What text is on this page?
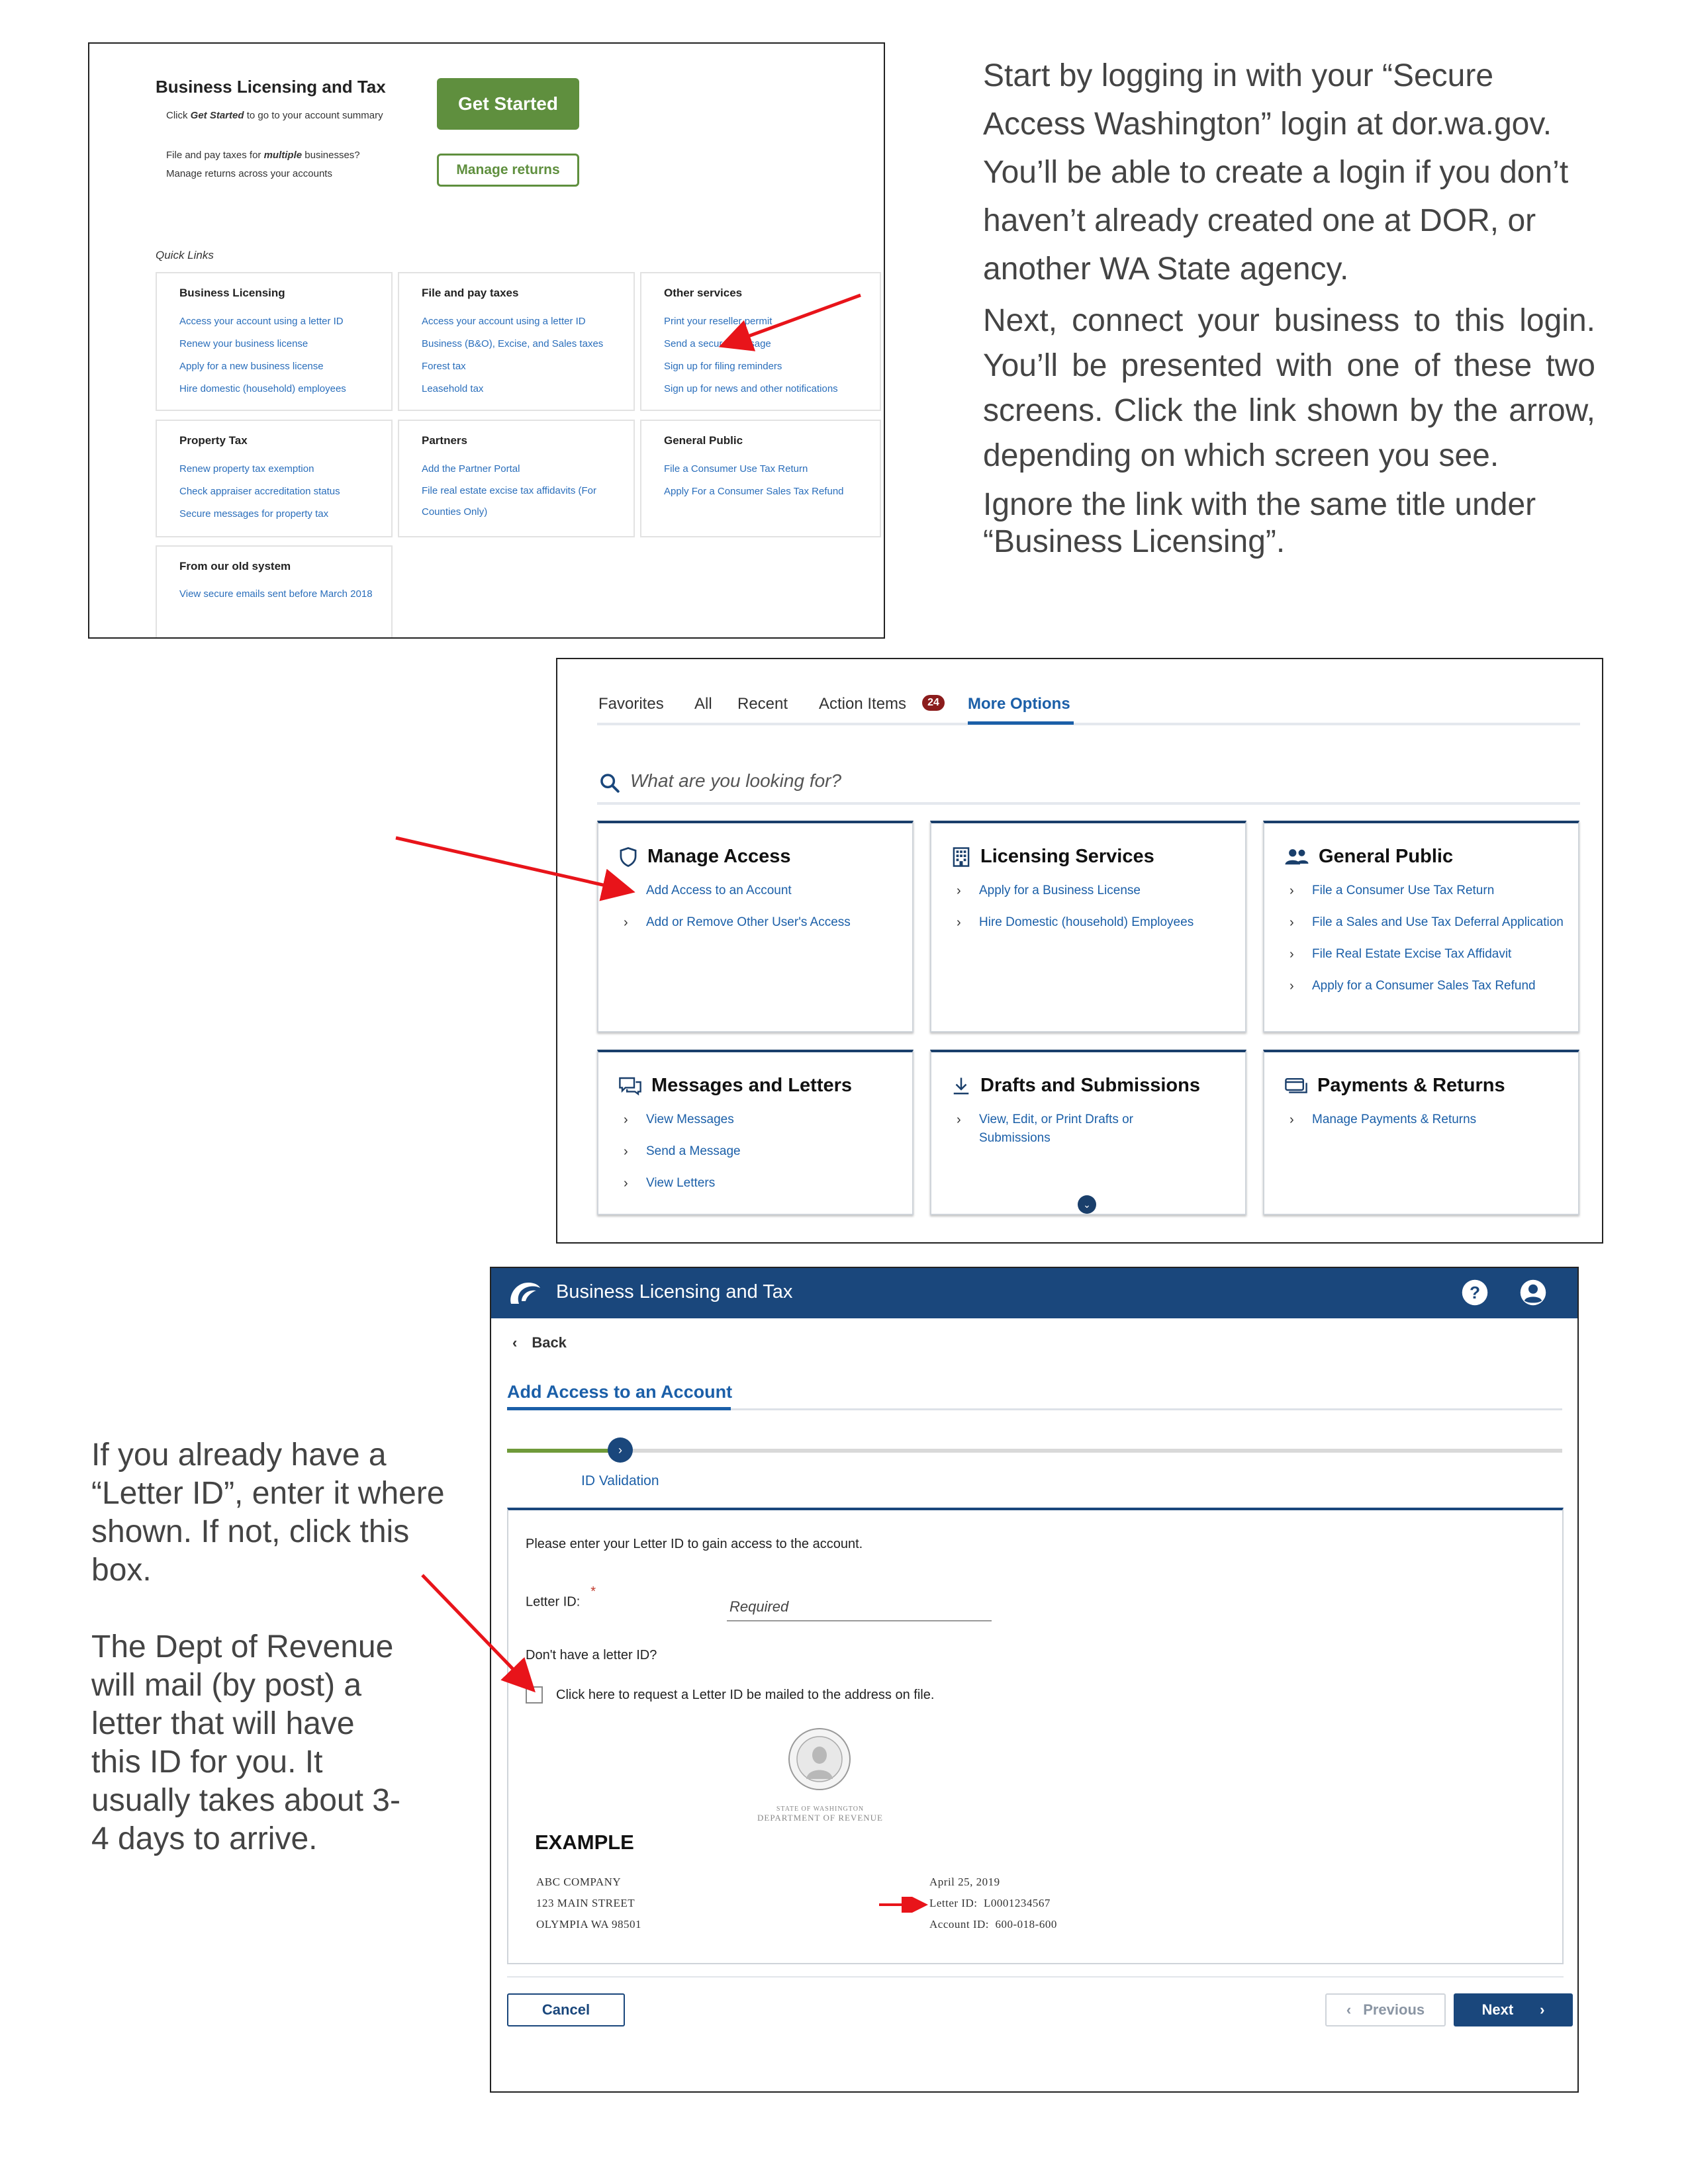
Business Licensing and Tax
Click Get Started to go to your account summary
Get Started
File and pay taxes for multiple businesses?
Manage returns across your accounts	Manage returns
Quick Links
Business Licensing
Access your account using a letter ID
Renew your business license
Apply for a new business license
Hire domestic (household) employees
File and pay taxes
Access your account using a letter ID
Business (B&O), Excise, and Sales taxes
Forest tax
Leasehold tax
Other services
Print your reseller permit
Send a secure message
Sign up for filing reminders
Sign up for news and other notifications
Property Tax
Renew property tax exemption
Check appraiser accreditation status
Secure messages for property tax
Partners
Add the Partner Portal
File real estate excise tax affidavits (For Counties Only)
General Public
File a Consumer Use Tax Return
Apply For a Consumer Sales Tax Refund
From our old system
View secure emails sent before March 2018

Start by logging in with your “Secure Access Washington” login at dor.wa.gov. You’ll be able to create a login if you don’t haven’t already created one at DOR, or another WA State agency.

Next, connect your business to this login. You’ll be presented with one of these two screens. Click the link shown by the arrow, depending on which screen you see.

Ignore the link with the same title under “Business Licensing”.

Favorites All Recent Action Items	24	More Options
What are you looking for?
Manage Access
Add Access to an Account
›	Add or Remove Other User's Access
Licensing Services
›	Apply for a Business License
›	Hire Domestic (household) Employees
General Public
›	File a Consumer Use Tax Return
›	File a Sales and Use Tax Deferral Application
›	File Real Estate Excise Tax Affidavit
›	Apply for a Consumer Sales Tax Refund
Messages and Letters
›	View Messages
›	Send a Message
›	View Letters
Drafts and Submissions
›	View, Edit, or Print Drafts or Submissions
Payments & Returns
›	Manage Payments & Returns
⌄
Business Licensing and Tax	?
‹ Back
Add Access to an Account
›
ID Validation
Please enter your Letter ID to gain access to the account.
Letter ID:*
Required
Don't have a letter ID?
Click here to request a Letter ID be mailed to the address on file.
STATE OF WASHINGTON
DEPARTMENT OF REVENUE
EXAMPLE
ABC COMPANY
123 MAIN STREET
OLYMPIA WA 98501
April 25, 2019
Letter ID: L0001234567
Account ID: 600-018-600
Cancel	‹ Previous	Next ›

If you already have a “Letter ID”, enter it where shown. If not, click this box.

The Dept of Revenue will mail (by post) a letter that will have this ID for you. It usually takes about 3-4 days to arrive.
